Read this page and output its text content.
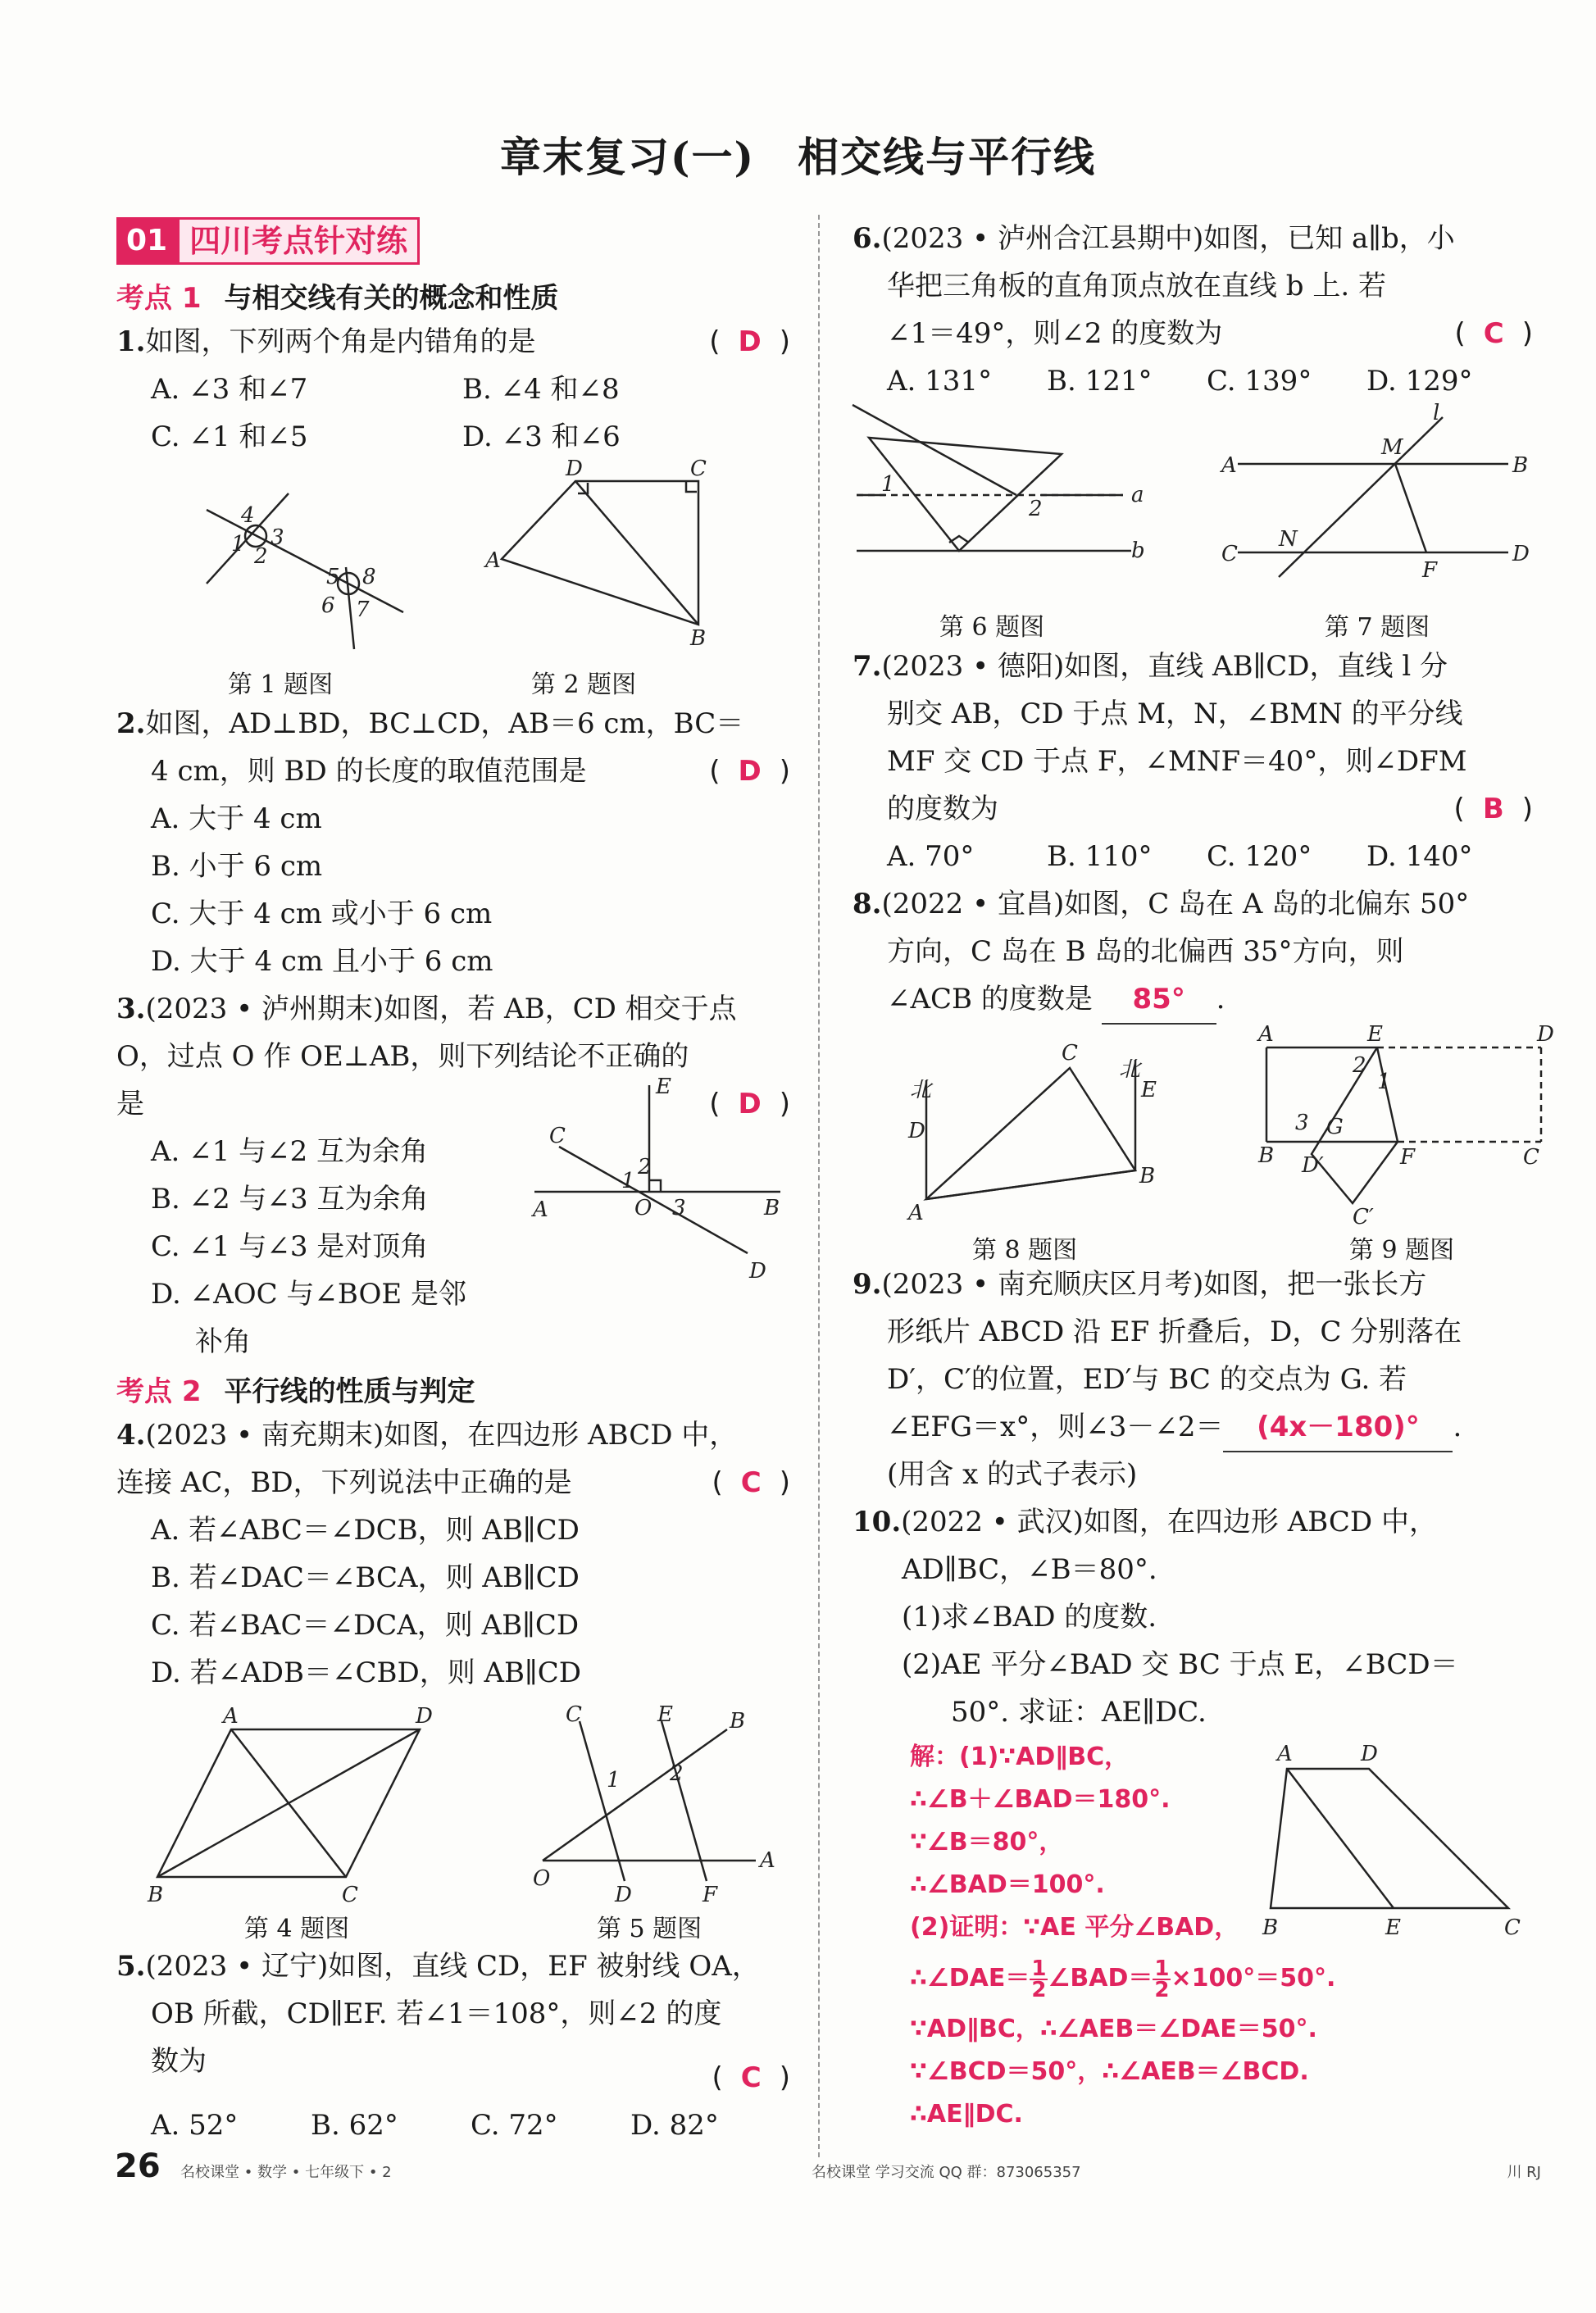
章末复习(一)　相交线与平行线
01 四川考点针对练
考点 1 与相交线有关的概念和性质
1.如图，下列两个角是内错角的是	( D )
A. ∠3 和∠7	B. ∠4 和∠8
C. ∠1 和∠5	D. ∠3 和∠6
4
3
1 2
5 8
6 7
A
D	C
B
第 1 题图	第 2 题图
2.如图，AD⊥BD，BC⊥CD，AB＝6 cm，BC＝
4 cm，则 BD 的长度的取值范围是	( D )
A. 大于 4 cm
B. 小于 6 cm
C. 大于 4 cm 或小于 6 cm
D. 大于 4 cm 且小于 6 cm
3.(2023 • 泸州期末)如图，若 AB，CD 相交于点
O，过点 O 作 OE⊥AB，则下列结论不正确的
是	( D )
A. ∠1 与∠2 互为余角
B. ∠2 与∠3 互为余角
C. ∠1 与∠3 是对顶角
D. ∠AOC 与∠BOE 是邻
补角
E
C
2
1
O 3
A	B
D
考点 2 平行线的性质与判定
4.(2023 • 南充期末)如图，在四边形 ABCD 中，
连接 AC，BD，下列说法中正确的是	( C )
A. 若∠ABC＝∠DCB，则 AB∥CD
B. 若∠DAC＝∠BCA，则 AB∥CD
C. 若∠BAC＝∠DCA，则 AB∥CD
D. 若∠ADB＝∠CBD，则 AB∥CD
B
A	D
C
O
A
C	E	B
1 2
D	F
第 4 题图	第 5 题图
5.(2023 • 辽宁)如图，直线 CD，EF 被射线 OA，
OB 所截，CD∥EF. 若∠1＝108°，则∠2 的度
数为	( C )
A. 52°	B. 62°	C. 72°	D. 82°
6.(2023 • 泸州合江县期中)如图，已知 a∥b，小
华把三角板的直角顶点放在直线 b 上. 若
∠1＝49°，则∠2 的度数为	( C )
A. 131°	B. 121°	C. 139°	D. 129°
1
2
a
b
A
M
l
B
C
N
F
D
第 6 题图	第 7 题图
7.(2023 • 德阳)如图，直线 AB∥CD，直线 l 分
别交 AB，CD 于点 M，N，∠BMN 的平分线
MF 交 CD 于点 F，∠MNF＝40°，则∠DFM
的度数为	( B )
A. 70°	B. 110°	C. 120°	D. 140°
8.(2022 • 宜昌)如图，C 岛在 A 岛的北偏东 50°
方向，C 岛在 B 岛的北偏西 35°方向，则
∠ACB 的度数是 85° .
北
D
北
E
C
A
B
A	E	D
2
1
3 G
B D′	F	C
C′
第 8 题图	第 9 题图
9.(2023 • 南充顺庆区月考)如图，把一张长方
形纸片 ABCD 沿 EF 折叠后，D，C 分别落在
D′，C′的位置，ED′与 BC 的交点为 G. 若
∠EFG＝x°，则∠3－∠2＝ (4x－180)° .
(用含 x 的式子表示)
10.(2022 • 武汉)如图，在四边形 ABCD 中，
AD∥BC，∠B＝80°.
(1)求∠BAD 的度数.
(2)AE 平分∠BAD 交 BC 于点 E，∠BCD＝
50°. 求证：AE∥DC.
A	D
B	E	C
解：(1)∵AD∥BC，
∴∠B＋∠BAD＝180°.
∵∠B＝80°，
∴∠BAD＝100°.
(2)证明：∵AE 平分∠BAD，
∴∠DAE＝ $\frac{1}{2}$ ∠BAD＝ $\frac{1}{2} \times 100^\circ=50^\circ$.
∵AD∥BC，∴∠AEB＝∠DAE＝50°.
∵∠BCD＝50°，∴∠AEB＝∠BCD.
∴AE∥DC.
26 名校课堂 • 数学 • 七年级下 • 2	名校课堂 学习交流 QQ 群：873065357	川 RJ
